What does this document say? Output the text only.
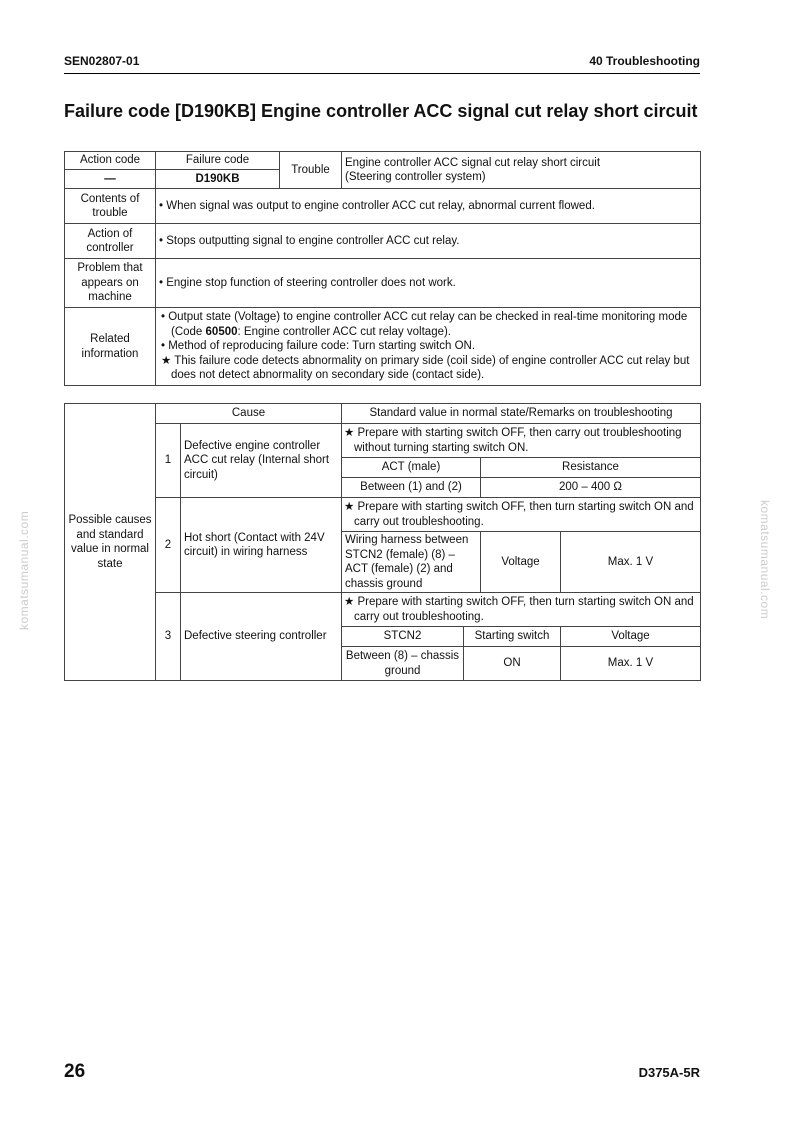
SEN02807-01	40 Troubleshooting
Failure code [D190KB] Engine controller ACC signal cut relay short circuit
Action code	Failure code	Trouble	Engine controller ACC signal cut relay short circuit
(Steering controller system)

—	D190KB		
Contents of trouble	• When signal was output to engine controller ACC cut relay, abnormal current flowed.		
Action of controller	• Stops outputting signal to engine controller ACC cut relay.		
Problem that appears on machine	• Engine stop function of steering controller does not work.		
Related information	• Output state (Voltage) to engine controller ACC cut relay can be checked in real-time monitoring mode (Code 60500: Engine controller ACC cut relay voltage).
• Method of reproducing failure code: Turn starting switch ON.
★ This failure code detects abnormality on primary side (coil side) of engine controller ACC cut relay but does not detect abnormality on secondary side (contact side).		
Possible causes and standard value in normal state	Cause		Standard value in normal state/Remarks on troubleshooting			
	1	Defective engine controller ACC cut relay (Internal short circuit)	★ Prepare with starting switch OFF, then carry out troubleshooting without turning starting switch ON.			
			ACT (male)		Resistance	
			Between (1) and (2)		200 – 400 Ω	
	2	Hot short (Contact with 24V circuit) in wiring harness	★ Prepare with starting switch OFF, then turn starting switch ON and carry out troubleshooting.			
			Wiring harness between STCN2 (female) (8) – ACT (female) (2) and chassis ground		Voltage	Max. 1 V
	3	Defective steering controller	★ Prepare with starting switch OFF, then turn starting switch ON and carry out troubleshooting.			
			STCN2	Starting switch		Voltage
			Between (8) – chassis ground	ON		Max. 1 V
komatsumanual.com	komatsumanual.com
26	D375A-5R
